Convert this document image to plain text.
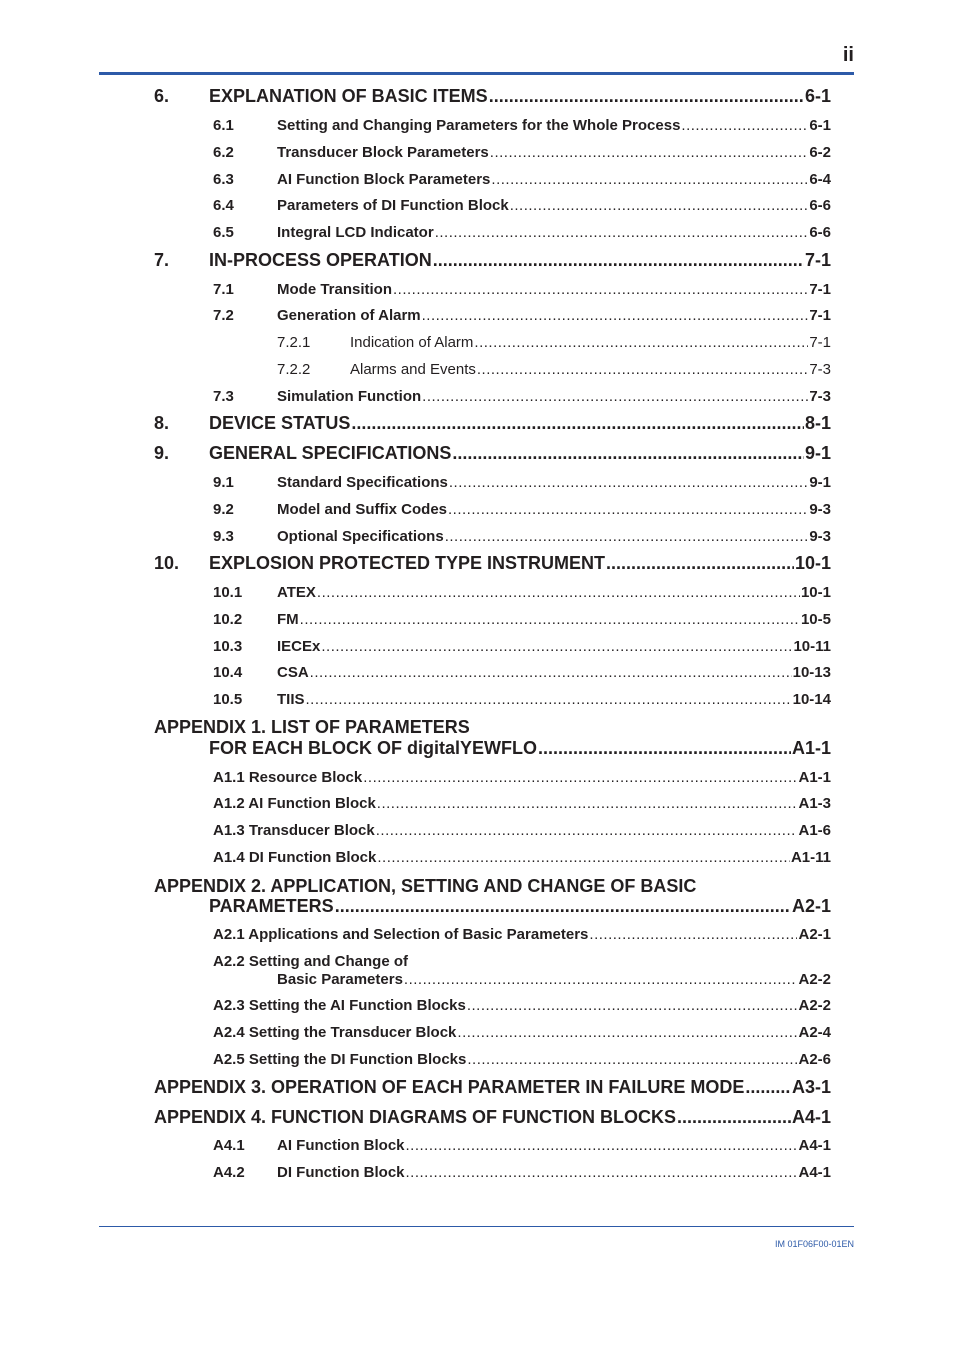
ii
6. EXPLANATION OF BASIC ITEMS .....	6-1
6.1	Setting and Changing Parameters for the Whole Process .....	6-1
6.2	Transducer Block Parameters .....	6-2
6.3	AI Function Block Parameters .....	6-4
6.4	Parameters of DI Function Block .....	6-6
6.5	Integral LCD Indicator .....	6-6
7. IN-PROCESS OPERATION .....	7-1
7.1	Mode Transition .....	7-1
7.2	Generation of Alarm .....	7-1
7.2.1	Indication of Alarm .....	7-1
7.2.2	Alarms and Events .....	7-3
7.3	Simulation Function .....	7-3
8. DEVICE STATUS .....	8-1
9. GENERAL SPECIFICATIONS .....	9-1
9.1	Standard Specifications .....	9-1
9.2	Model and Suffix Codes .....	9-3
9.3	Optional Specifications .....	9-3
10. EXPLOSION PROTECTED TYPE INSTRUMENT .....	10-1
10.1 ATEX .....	10-1
10.2 FM .....	10-5
10.3 IECEx .....	10-11
10.4 CSA .....	10-13
10.5 TIIS .....	10-14
APPENDIX 1. LIST OF PARAMETERS
FOR EACH BLOCK OF digitalYEWFLO .....	A1-1
A1.1 Resource Block .....	A1-1
A1.2 AI Function Block .....	A1-3
A1.3 Transducer Block .....	A1-6
A1.4 DI Function Block .....	A1-11
APPENDIX 2. APPLICATION, SETTING AND CHANGE OF BASIC
PARAMETERS .....	A2-1
A2.1 Applications and Selection of Basic Parameters .....	A2-1
A2.2 Setting and Change of
Basic Parameters .....	A2-2
A2.3 Setting the AI Function Blocks .....	A2-2
A2.4 Setting the Transducer Block .....	A2-4
A2.5 Setting the DI Function Blocks .....	A2-6
APPENDIX 3. OPERATION OF EACH PARAMETER IN FAILURE MODE .....	A3-1
APPENDIX 4. FUNCTION DIAGRAMS OF FUNCTION BLOCKS .....	A4-1
A4.1 AI Function Block .....	A4-1
A4.2 DI Function Block .....	A4-1
IM 01F06F00-01EN
